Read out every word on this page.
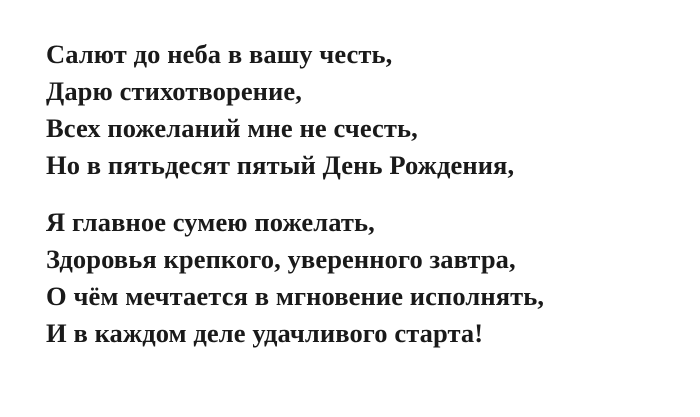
Салют до неба в вашу честь,
Дарю стихотворение,
Всех пожеланий мне не счесть,
Но в пятьдесят пятый День Рождения,
Я главное сумею пожелать,
Здоровья крепкого, уверенного завтра,
О чём мечтается в мгновение исполнять,
И в каждом деле удачливого старта!
